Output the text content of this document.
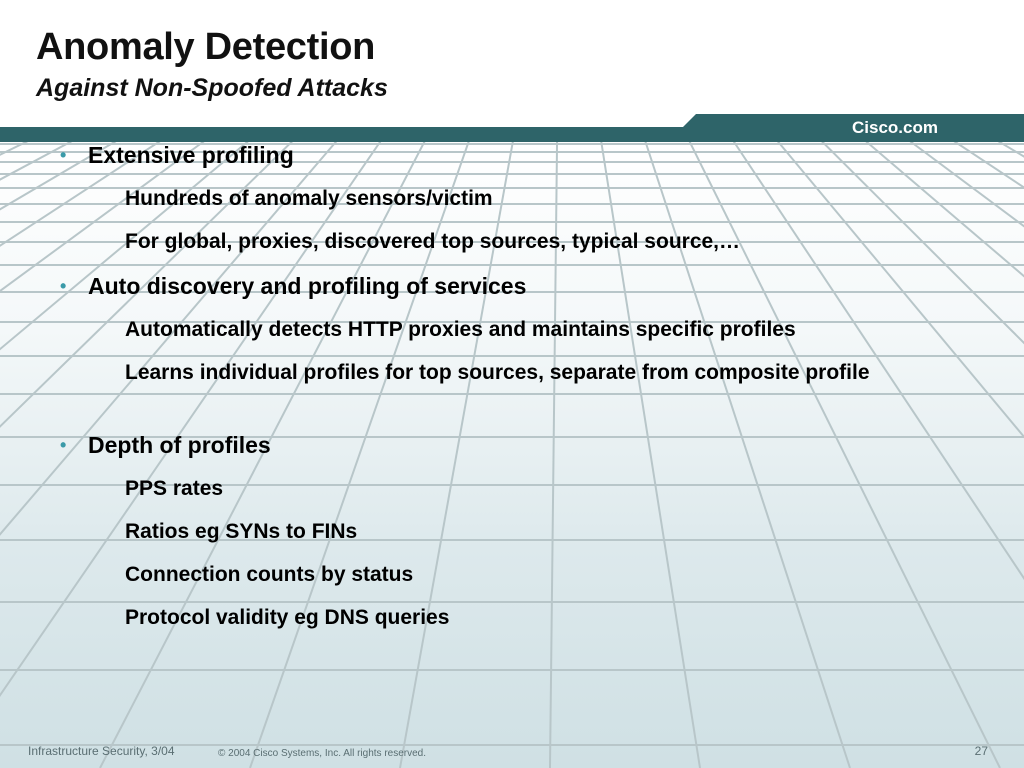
Anomaly Detection
Against Non-Spoofed Attacks
Cisco.com
• Extensive profiling
Hundreds of anomaly sensors/victim
For global, proxies, discovered top sources, typical source,…
• Auto discovery and profiling of services
Automatically detects HTTP proxies and maintains specific profiles
Learns individual profiles for top sources, separate from composite profile
• Depth of profiles
PPS rates
Ratios eg SYNs to FINs
Connection counts by status
Protocol validity eg DNS queries
Infrastructure Security, 3/04	© 2004 Cisco Systems, Inc. All rights reserved.	27
